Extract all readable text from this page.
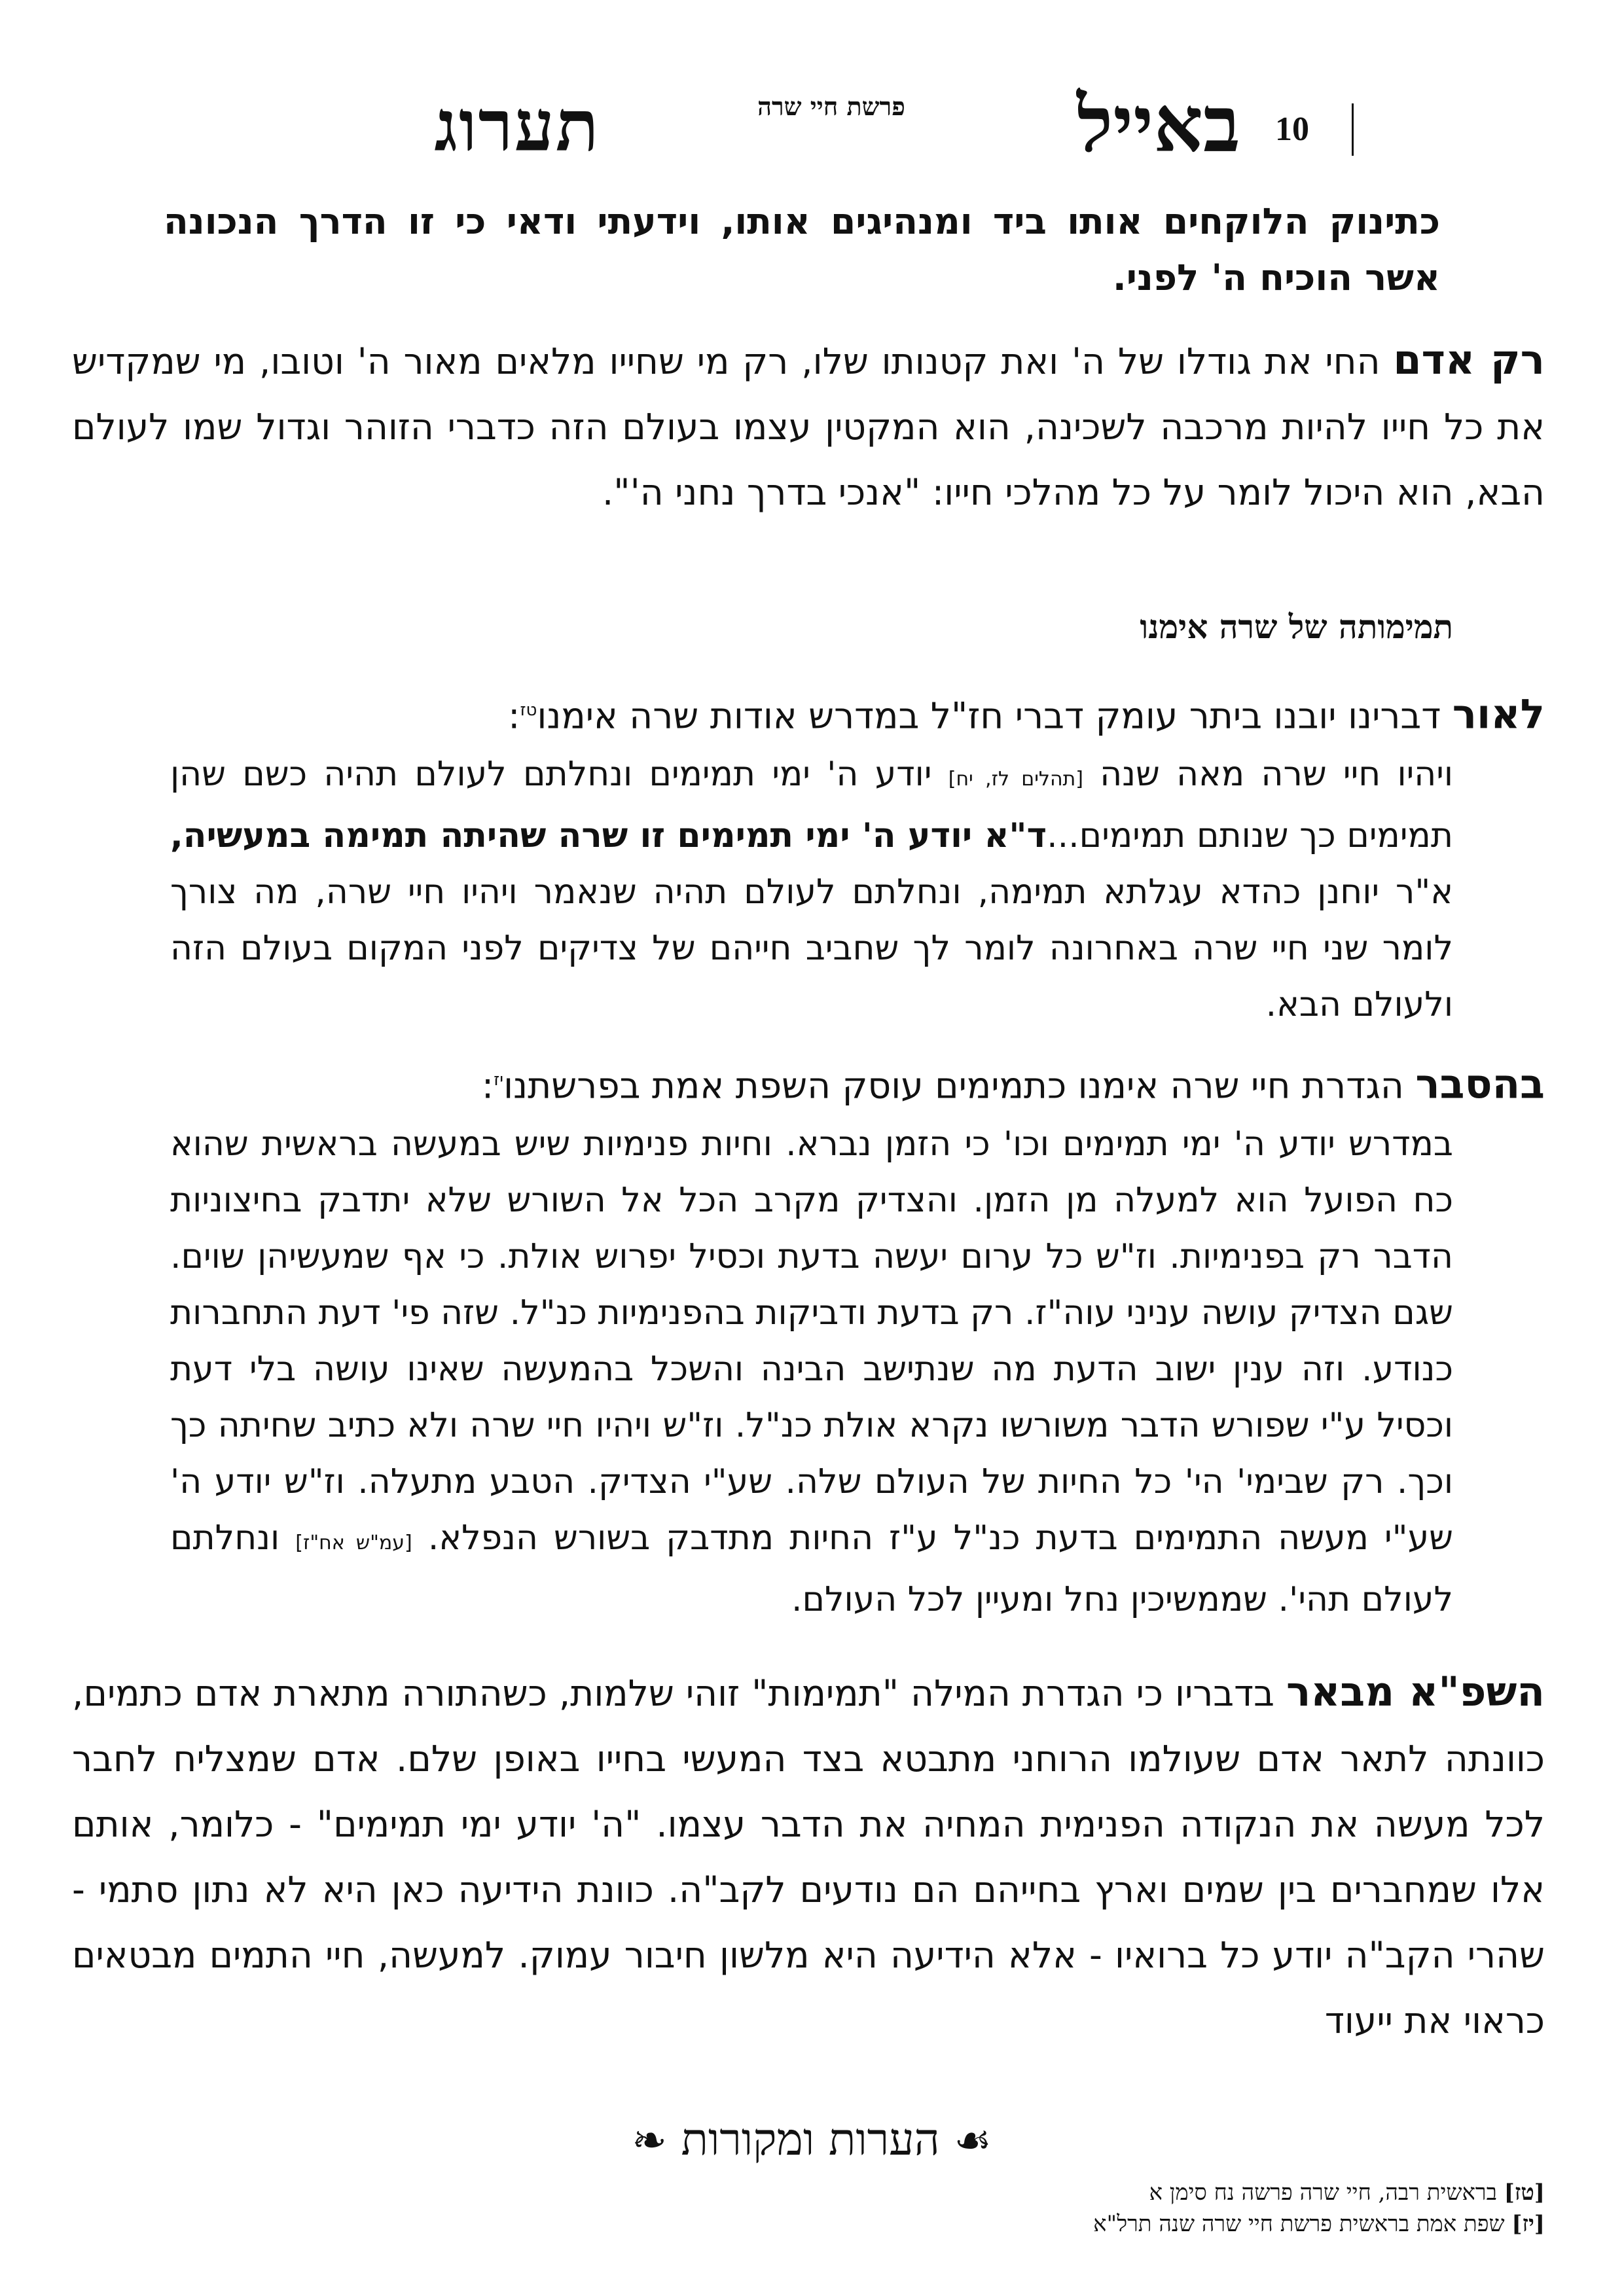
10
תערוג	פרשת חיי שרה	באייל

כתינוק הלוקחים אותו ביד ומנהיגים אותו, וידעתי ודאי כי זו הדרך הנכונה אשר הוכיח ה' לפני.

רק אדם החי את גודלו של ה' ואת קטנותו שלו, רק מי שחייו מלאים מאור ה' וטובו, מי שמקדיש את כל חייו להיות מרכבה לשכינה, הוא המקטין עצמו בעולם הזה כדברי הזוהר וגדול שמו לעולם הבא, הוא היכול לומר על כל מהלכי חייו: "אנכי בדרך נחני ה'".

תמימותה של שרה אימנו

לאור דברינו יובנו ביתר עומק דברי חז"ל במדרש אודות שרה אימנו$^{טז}$:

ויהיו חיי שרה מאה שנה [תהלים לז, יח] יודע ה' ימי תמימים ונחלתם לעולם תהיה כשם שהן תמימים כך שנותם תמימים...ד"א יודע ה' ימי תמימים זו שרה שהיתה תמימה במעשיה, א"ר יוחנן כהדא עגלתא תמימה, ונחלתם לעולם תהיה שנאמר ויהיו חיי שרה, מה צורך לומר שני חיי שרה באחרונה לומר לך שחביב חייהם של צדיקים לפני המקום בעולם הזה ולעולם הבא.

בהסבר הגדרת חיי שרה אימנו כתמימים עוסק השפת אמת בפרשתנו$^{יז}$:

במדרש יודע ה' ימי תמימים וכו' כי הזמן נברא. וחיות פנימיות שיש במעשה בראשית שהוא כח הפועל הוא למעלה מן הזמן. והצדיק מקרב הכל אל השורש שלא יתדבק בחיצוניות הדבר רק בפנימיות. וז"ש כל ערום יעשה בדעת וכסיל יפרוש אולת. כי אף שמעשיהן שוים. שגם הצדיק עושה עניני עוה"ז. רק בדעת ודביקות בהפנימיות כנ"ל. שזה פי' דעת התחברות כנודע. וזה ענין ישוב הדעת מה שנתישב הבינה והשכל בהמעשה שאינו עושה בלי דעת וכסיל ע"י שפורש הדבר משורשו נקרא אולת כנ"ל. וז"ש ויהיו חיי שרה ולא כתיב שחיתה כך וכך. רק שבימי' הי' כל החיות של העולם שלה. שע"י הצדיק. הטבע מתעלה. וז"ש יודע ה' שע"י מעשה התמימים בדעת כנ"ל ע"ז החיות מתדבק בשורש הנפלא. [עמ"ש אח"ז] ונחלתם לעולם תהי'. שממשיכין נחל ומעיין לכל העולם.

השפ"א מבאר בדבריו כי הגדרת המילה "תמימות" זוהי שלמות, כשהתורה מתארת אדם כתמים, כוונתה לתאר אדם שעולמו הרוחני מתבטא בצד המעשי בחייו באופן שלם. אדם שמצליח לחבר לכל מעשה את הנקודה הפנימית המחיה את הדבר עצמו. "ה' יודע ימי תמימים" - כלומר, אותם אלו שמחברים בין שמים וארץ בחייהם הם נודעים לקב"ה. כוונת הידיעה כאן היא לא נתון סתמי - שהרי הקב"ה יודע כל ברואיו - אלא הידיעה היא מלשון חיבור עמוק. למעשה, חיי התמים מבטאים כראוי את ייעוד

☙ הערות ומקורות ❧
[טז] בראשית רבה, חיי שרה פרשה נח סימן א
[יז] שפת אמת בראשית פרשת חיי שרה שנה תרל"א
